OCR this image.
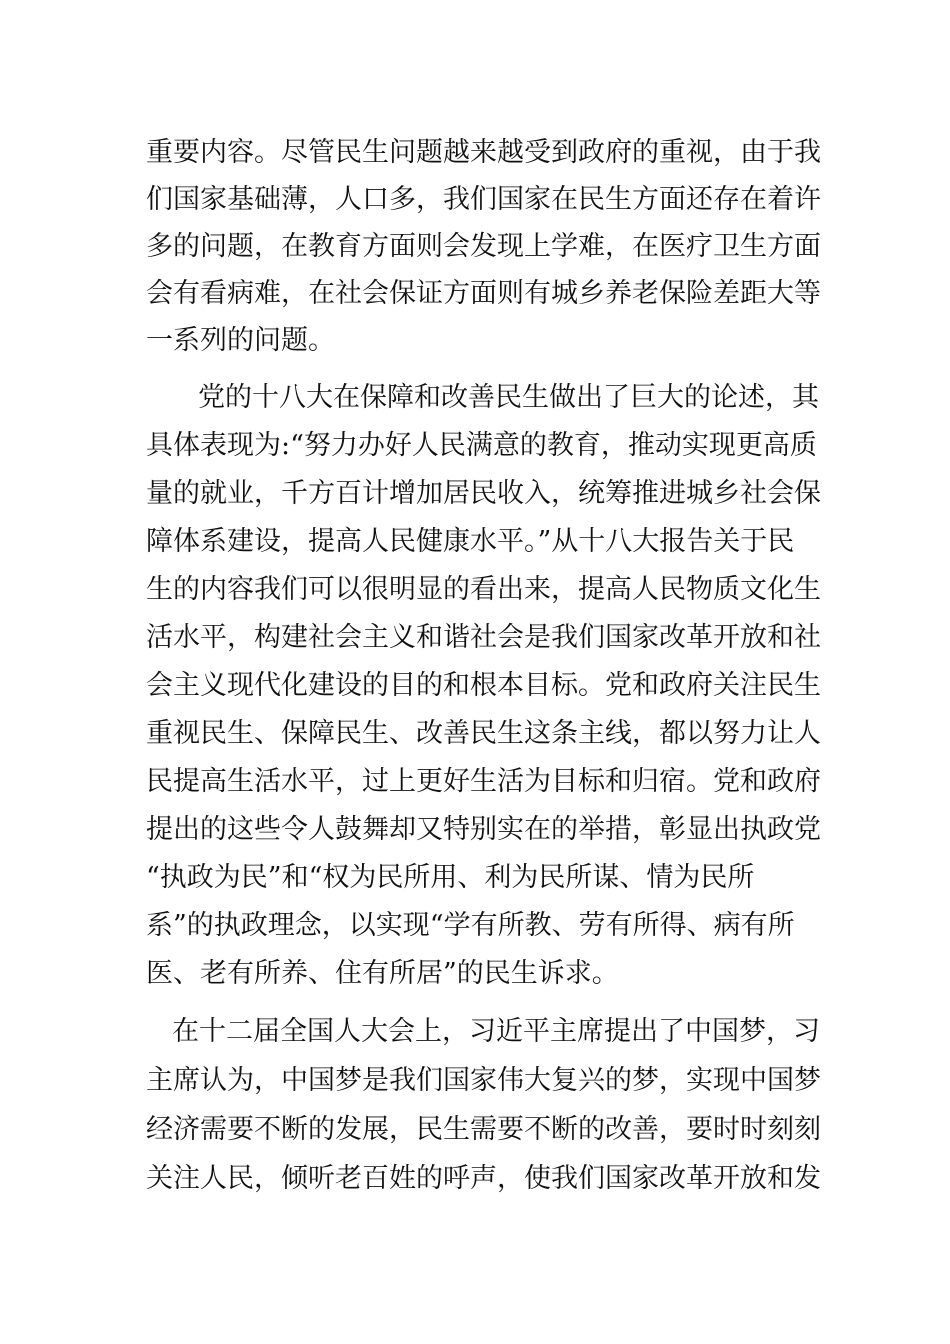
重要内容。尽管民生问题越来越受到政府的重视，由于我
们国家基础薄，人口多，我们国家在民生方面还存在着许
多的问题，在教育方面则会发现上学难，在医疗卫生方面
会有看病难，在社会保证方面则有城乡养老保险差距大等
一系列的问题。
党的十八大在保障和改善民生做出了巨大的论述，其
具体表现为:“努力办好人民满意的教育，推动实现更高质
量的就业，千方百计增加居民收入，统筹推进城乡社会保
障体系建设，提高人民健康水平。”从十八大报告关于民
生的内容我们可以很明显的看出来，提高人民物质文化生
活水平，构建社会主义和谐社会是我们国家改革开放和社
会主义现代化建设的目的和根本目标。党和政府关注民生
重视民生、保障民生、改善民生这条主线，都以努力让人
民提高生活水平，过上更好生活为目标和归宿。党和政府
提出的这些令人鼓舞却又特别实在的举措，彰显出执政党
“执政为民”和“权为民所用、利为民所谋、情为民所
系”的执政理念，以实现“学有所教、劳有所得、病有所
医、老有所养、住有所居”的民生诉求。
在十二届全国人大会上，习近平主席提出了中国梦，习
主席认为，中国梦是我们国家伟大复兴的梦，实现中国梦
经济需要不断的发展，民生需要不断的改善，要时时刻刻
关注人民，倾听老百姓的呼声，使我们国家改革开放和发
